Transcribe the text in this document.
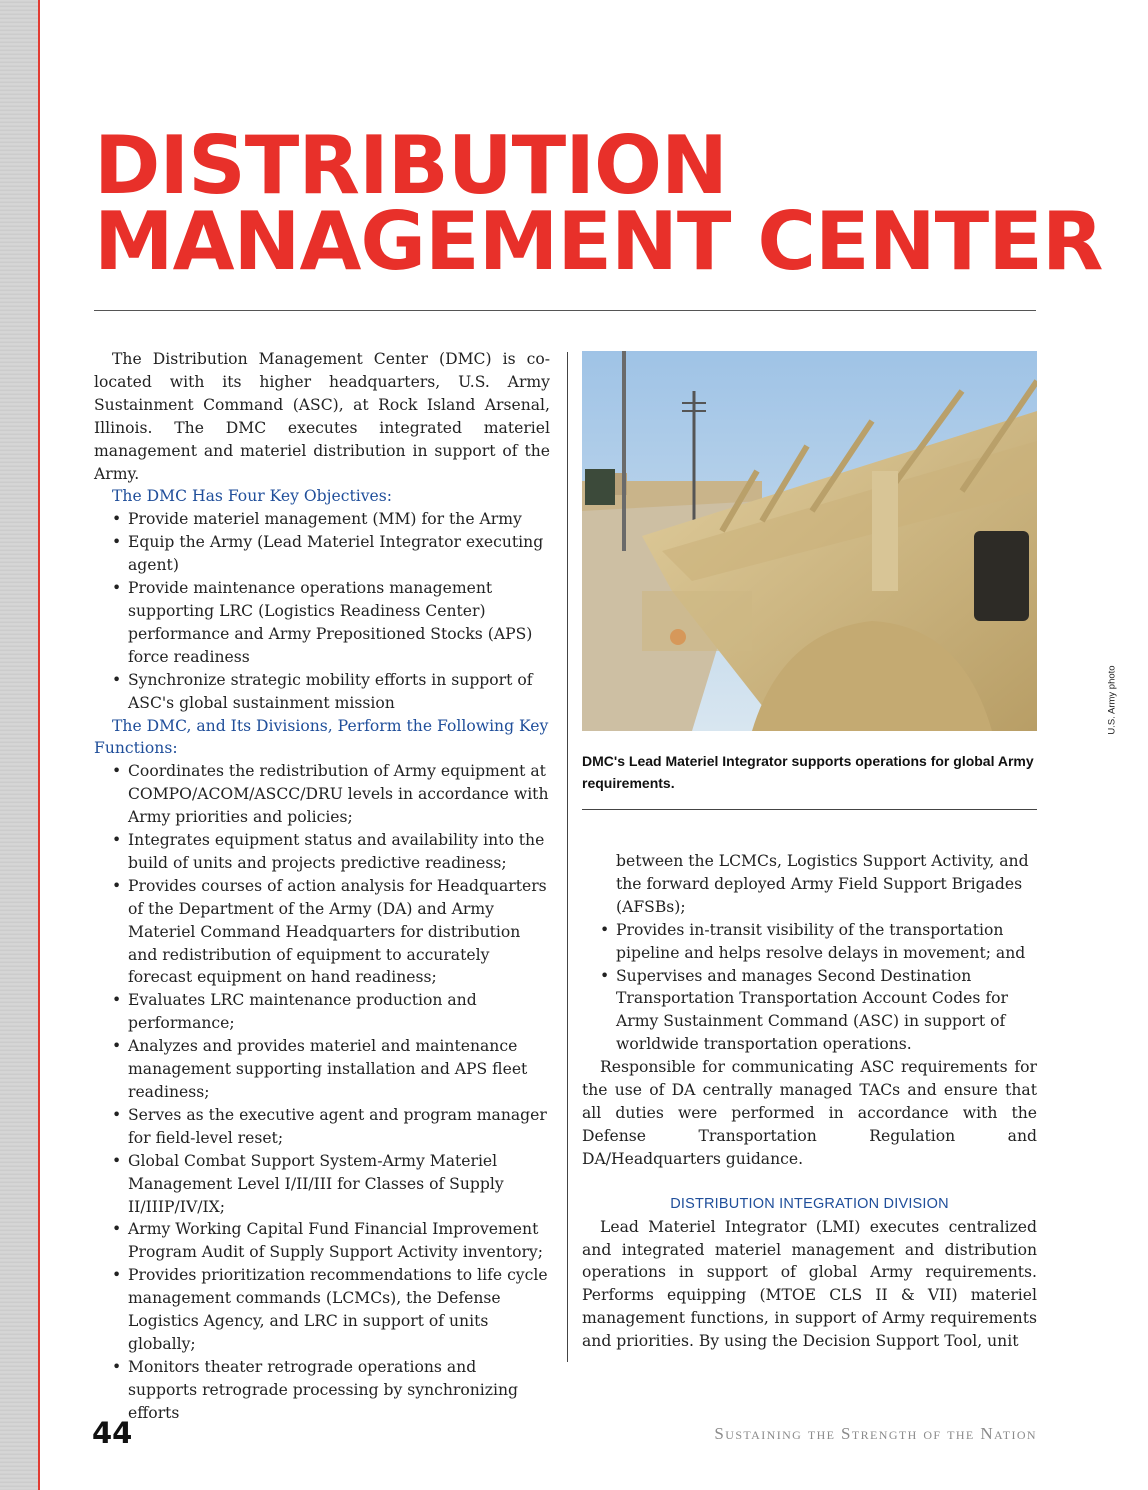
DISTRIBUTION
MANAGEMENT CENTER

The Distribution Management Center (DMC) is co-located with its higher headquarters, U.S. Army Sustainment Command (ASC), at Rock Island Arsenal, Illinois. The DMC executes integrated materiel management and materiel distribution in support of the Army.

The DMC Has Four Key Objectives:

• Provide materiel management (MM) for the Army
• Equip the Army (Lead Materiel Integrator executing agent)
• Provide maintenance operations management supporting LRC (Logistics Readiness Center) performance and Army Prepositioned Stocks (APS) force readiness
• Synchronize strategic mobility efforts in support of ASC's global sustainment mission

The DMC, and Its Divisions, Perform the Following Key Functions:

• Coordinates the redistribution of Army equipment at COMPO/ACOM/ASCC/DRU levels in accordance with Army priorities and policies;
• Integrates equipment status and availability into the build of units and projects predictive readiness;
• Provides courses of action analysis for Headquarters of the Department of the Army (DA) and Army Materiel Command Headquarters for distribution and redistribution of equipment to accurately forecast equipment on hand readiness;
• Evaluates LRC maintenance production and performance;
• Analyzes and provides materiel and maintenance management supporting installation and APS fleet readiness;
• Serves as the executive agent and program manager for field-level reset;
• Global Combat Support System-Army Materiel Management Level I/II/III for Classes of Supply II/IIIP/IV/IX;
• Army Working Capital Fund Financial Improvement Program Audit of Supply Support Activity inventory;
• Provides prioritization recommendations to life cycle management commands (LCMCs), the Defense Logistics Agency, and LRC in support of units globally;
• Monitors theater retrograde operations and supports retrograde processing by synchronizing efforts
DMC's Lead Materiel Integrator supports operations for global Army requirements.
U.S. Army photo

between the LCMCs, Logistics Support Activity, and the forward deployed Army Field Support Brigades (AFSBs);

• Provides in-transit visibility of the transportation pipeline and helps resolve delays in movement; and
• Supervises and manages Second Destination Transportation Transportation Account Codes for Army Sustainment Command (ASC) in support of worldwide transportation operations.

Responsible for communicating ASC requirements for the use of DA centrally managed TACs and ensure that all duties were performed in accordance with the Defense Transportation Regulation and DA/Headquarters guidance.

DISTRIBUTION INTEGRATION DIVISION

Lead Materiel Integrator (LMI) executes centralized and integrated materiel management and distribution operations in support of global Army requirements. Performs equipping (MTOE CLS II & VII) materiel management functions, in support of Army requirements and priorities. By using the Decision Support Tool, unit

44	Sustaining the Strength of the Nation
